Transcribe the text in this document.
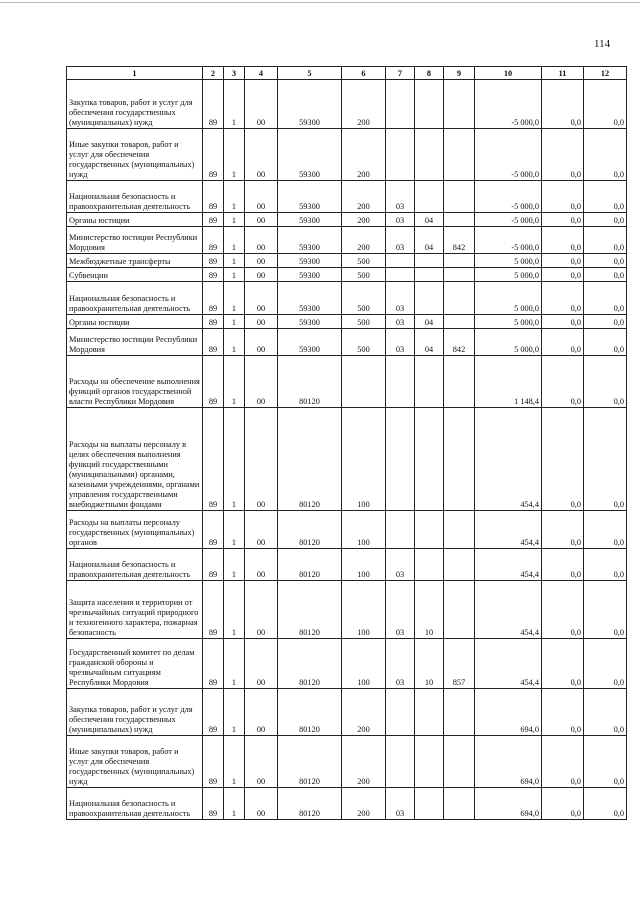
114
1	2	3	4	5	6	7	8	9	10	11	12
Закупка товаров, работ и услуг для обеспечения государственных (муниципальных) нужд	89	1	00	59300	200				-5 000,0	0,0	0,0
Иные закупки товаров, работ и услуг для обеспечения государственных (муниципальных) нужд	89	1	00	59300	200				-5 000,0	0,0	0,0
Национальная безопасность и правоохранительная деятельность	89	1	00	59300	200	03			-5 000,0	0,0	0,0
Органы юстиции	89	1	00	59300	200	03	04		-5 000,0	0,0	0,0
Министерство юстиции Республики Мордовия	89	1	00	59300	200	03	04	842	-5 000,0	0,0	0,0
Межбюджетные трансферты	89	1	00	59300	500				5 000,0	0,0	0,0
Субвенции	89	1	00	59300	500				5 000,0	0,0	0,0
Национальная безопасность и правоохранительная деятельность	89	1	00	59300	500	03			5 000,0	0,0	0,0
Органы юстиции	89	1	00	59300	500	03	04		5 000,0	0,0	0,0
Министерство юстиции Республики Мордовия	89	1	00	59300	500	03	04	842	5 000,0	0,0	0,0
Расходы на обеспечение выполнения функций органов государственной власти Республики Мордовия	89	1	00	80120					1 148,4	0,0	0,0
Расходы на выплаты персоналу в целях обеспечения выполнения функций государственными (муниципальными) органами, казенными учреждениями, органами управления государственными внебюджетными фондами	89	1	00	80120	100				454,4	0,0	0,0
Расходы на выплаты персоналу государственных (муниципальных) органов	89	1	00	80120	100				454,4	0,0	0,0
Национальная безопасность и правоохранительная деятельность	89	1	00	80120	100	03			454,4	0,0	0,0
Защита населения и территории от чрезвычайных ситуаций природного и техногенного характера, пожарная безопасность	89	1	00	80120	100	03	10		454,4	0,0	0,0
Государственный комитет по делам гражданской обороны и чрезвычайным ситуациям Республики Мордовия	89	1	00	80120	100	03	10	857	454,4	0,0	0,0
Закупка товаров, работ и услуг для обеспечения государственных (муниципальных) нужд	89	1	00	80120	200				694,0	0,0	0,0
Иные закупки товаров, работ и услуг для обеспечения государственных (муниципальных) нужд	89	1	00	80120	200				694,0	0,0	0,0
Национальная безопасность и правоохранительная деятельность	89	1	00	80120	200	03			694,0	0,0	0,0
